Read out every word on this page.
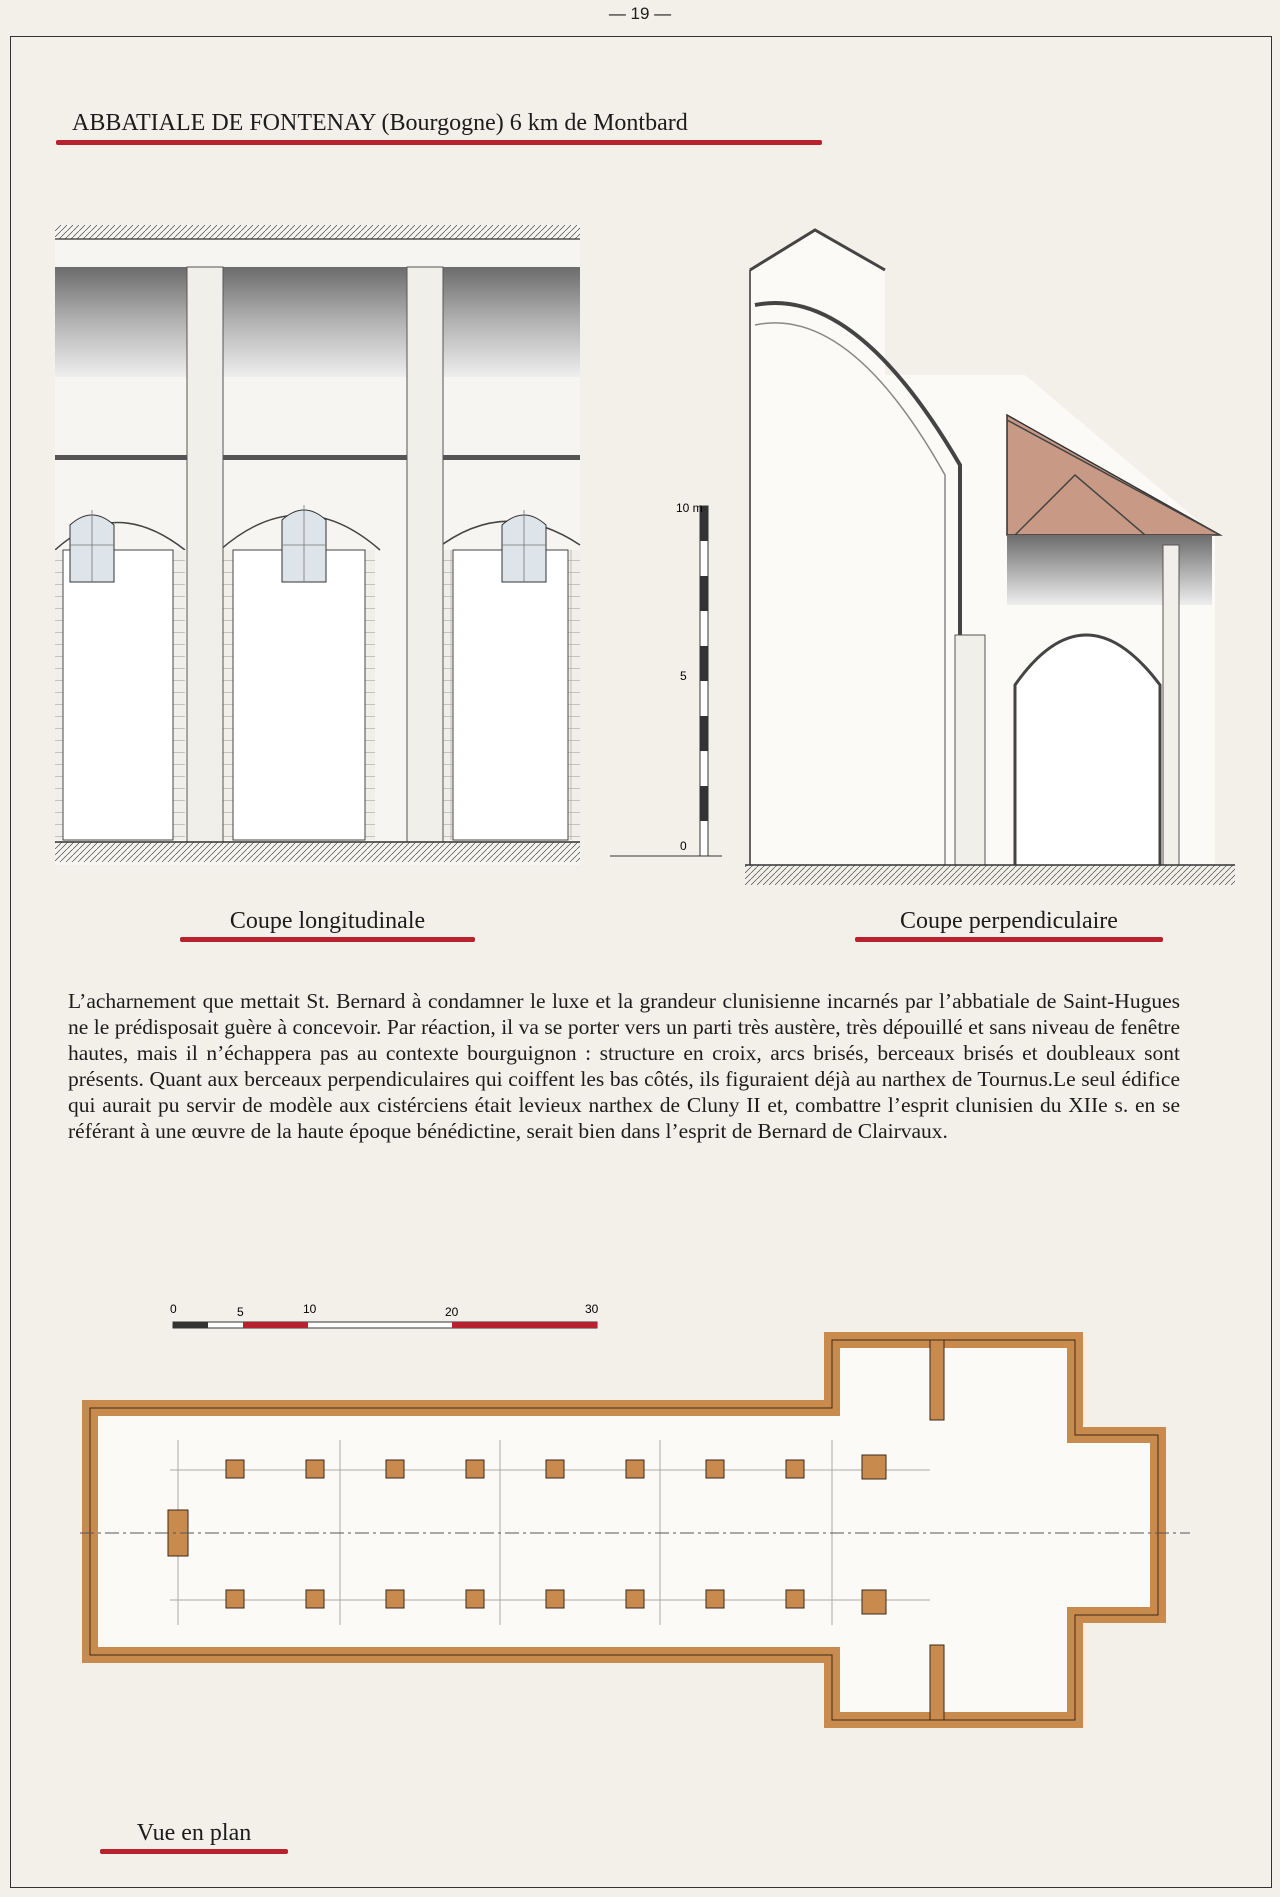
— 19 —
ABBATIALE DE FONTENAY (Bourgogne) 6 km de Montbard
10 m
5
0
Coupe longitudinale	Coupe perpendiculaire

L’acharnement que mettait St. Bernard à condamner le luxe et la grandeur clunisienne incarnés par l’abbatiale de Saint-Hugues ne le prédisposait guère à concevoir. Par réaction, il va se porter vers un parti très austère, très dépouillé et sans niveau de fenêtre hautes, mais il n’échappera pas au contexte bourguignon : structure en croix, arcs brisés, berceaux brisés et doubleaux sont présents. Quant aux berceaux perpendiculaires qui coiffent les bas côtés, ils figuraient déjà au narthex de Tournus.Le seul édifice qui aurait pu servir de modèle aux cistérciens était levieux narthex de Cluny II et, combattre l’esprit clunisien du XIIe s. en se référant à une œuvre de la haute époque bénédictine, serait bien dans l’esprit de Bernard de Clairvaux.

0	5	10	20	30
Vue en plan
